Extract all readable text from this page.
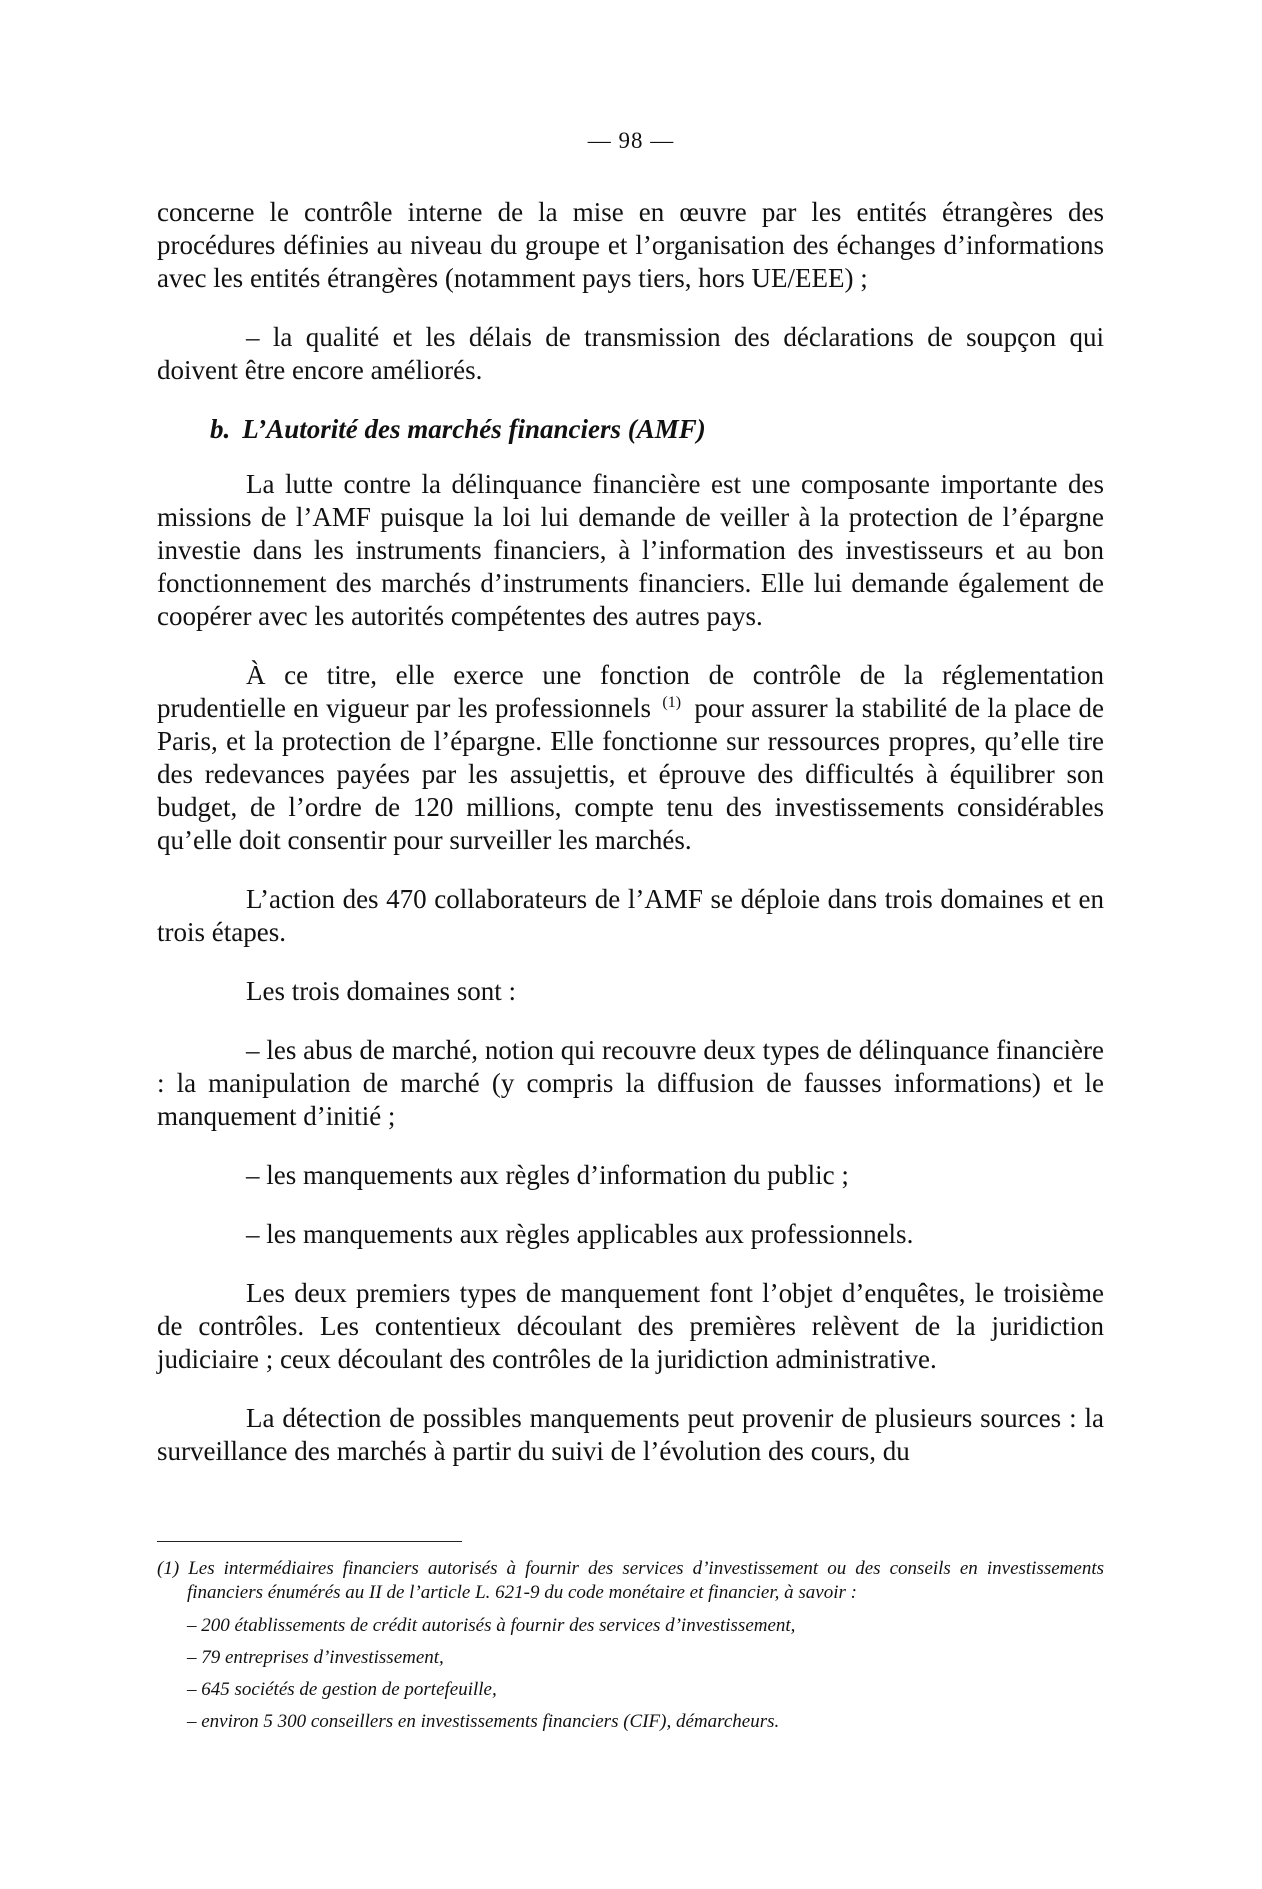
— 98 —

concerne le contrôle interne de la mise en œuvre par les entités étrangères des procédures définies au niveau du groupe et l’organisation des échanges d’informations avec les entités étrangères (notamment pays tiers, hors UE/EEE) ;

– la qualité et les délais de transmission des déclarations de soupçon qui doivent être encore améliorés.

b. L’Autorité des marchés financiers (AMF)

La lutte contre la délinquance financière est une composante importante des missions de l’AMF puisque la loi lui demande de veiller à la protection de l’épargne investie dans les instruments financiers, à l’information des investisseurs et au bon fonctionnement des marchés d’instruments financiers. Elle lui demande également de coopérer avec les autorités compétentes des autres pays.

À ce titre, elle exerce une fonction de contrôle de la réglementation prudentielle en vigueur par les professionnels $^{(1)}$ pour assurer la stabilité de la place de Paris, et la protection de l’épargne. Elle fonctionne sur ressources propres, qu’elle tire des redevances payées par les assujettis, et éprouve des difficultés à équilibrer son budget, de l’ordre de 120 millions, compte tenu des investissements considérables qu’elle doit consentir pour surveiller les marchés.

L’action des 470 collaborateurs de l’AMF se déploie dans trois domaines et en trois étapes.

Les trois domaines sont :

– les abus de marché, notion qui recouvre deux types de délinquance financière : la manipulation de marché (y compris la diffusion de fausses informations) et le manquement d’initié ;

– les manquements aux règles d’information du public ;

– les manquements aux règles applicables aux professionnels.

Les deux premiers types de manquement font l’objet d’enquêtes, le troisième de contrôles. Les contentieux découlant des premières relèvent de la juridiction judiciaire ; ceux découlant des contrôles de la juridiction administrative.

La détection de possibles manquements peut provenir de plusieurs sources : la surveillance des marchés à partir du suivi de l’évolution des cours, du

(1) Les intermédiaires financiers autorisés à fournir des services d’investissement ou des conseils en investissements financiers énumérés au II de l’article L. 621-9 du code monétaire et financier, à savoir :
– 200 établissements de crédit autorisés à fournir des services d’investissement,
– 79 entreprises d’investissement,
– 645 sociétés de gestion de portefeuille,
– environ 5 300 conseillers en investissements financiers (CIF), démarcheurs.
